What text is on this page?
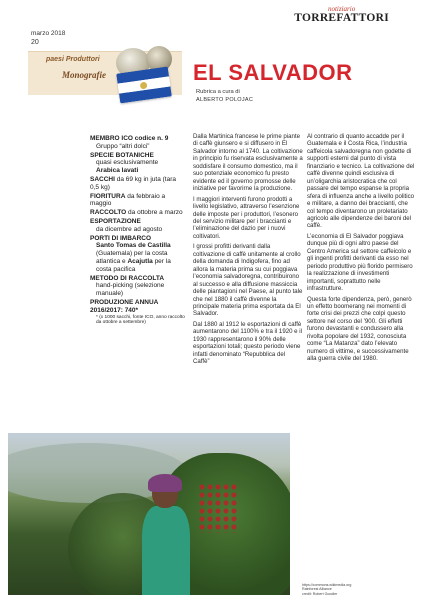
marzo 2018
20
notiziario
TORREFATTORI
paesi Produttori
Monografie	EL SALVADOR
Rubrica a cura di
ALBERTO POLOJAC
MEMBRO ICO codice n. 9
Gruppo “altri dolci”
SPECIE BOTANICHE
quasi esclusivamente
Arabica lavati
SACCHI da 69 kg in juta (tara 0,5 kg)
FIORITURA da febbraio a maggio
RACCOLTO da ottobre a marzo
ESPORTAZIONE
da dicembre ad agosto
PORTI DI IMBARCO
Santo Tomas de Castilla (Guatemala) per la costa atlantica e Acajutla per la costa pacifica
METODO DI RACCOLTA
hand-picking (selezione manuale)
PRODUZIONE ANNUA 2016/2017: 740*
* (x 1000 sacchi, fonte ICO, anno raccolto da ottobre a settembre)

Dalla Martinica francese le prime piante di caffè giunsero e si diffusero in El Salvador intorno al 1740. La coltivazione in principio fu riservata esclusivamente a soddisfare il consumo domestico, ma il suo potenziale economico fu presto evidente ed il governo promosse delle iniziative per favorirne la produzione.

I maggiori interventi furono prodotti a livello legislativo, attraverso l’esenzione delle imposte per i produttori, l’esonero del servizio militare per i braccianti e l’eliminazione del dazio per i nuovi coltivatori.

I grossi profitti derivanti dalla coltivazione di caffè unitamente al crollo della domanda di Indigofera, fino ad allora la materia prima su cui poggiava l’economia salvadoregna, contribuirono al successo e alla diffusione massiccia delle piantagioni nel Paese, al punto tale che nel 1880 il caffè divenne la principale materia prima esportata da El Salvador.

Dal 1880 al 1912 le esportazioni di caffè aumentarono del 1100% e tra il 1920 e il 1930 rappresentarono il 90% delle esportazioni totali; questo periodo viene infatti denominato “Repubblica del Caffè”

Al contrario di quanto accadde per il Guatemala e il Costa Rica, l’industria caffeicola salvadoregna non godette di supporti esterni dal punto di vista finanziario e tecnico. La coltivazione del caffè divenne quindi esclusiva di un’oligarchia aristocratica che col passare del tempo espanse la propria sfera di influenza anche a livello politico e militare, a danno dei braccianti, che col tempo diventarono un proletariato agricolo alle dipendenze dei baroni del caffè.

L’economia di El Salvador poggiava dunque più di ogni altro paese del Centro America sul settore caffeicolo e gli ingenti profitti derivanti da esso nel periodo produttivo più florido permisero la realizzazione di investimenti importanti, soprattutto nelle infrastrutture.

Questa forte dipendenza, però, generò un effetto boomerang nei momenti di forte crisi dei prezzi che colpì questo settore nel corso del ’900. Gli effetti furono devastanti e condussero alla rivolta popolare del 1932, conosciuta come “La Matanza” dato l’elevato numero di vittime, e successivamente alla guerra civile del 1980.

https://commons.wikimedia.org
Rainforest Alliance
credit: Robert Goodier
